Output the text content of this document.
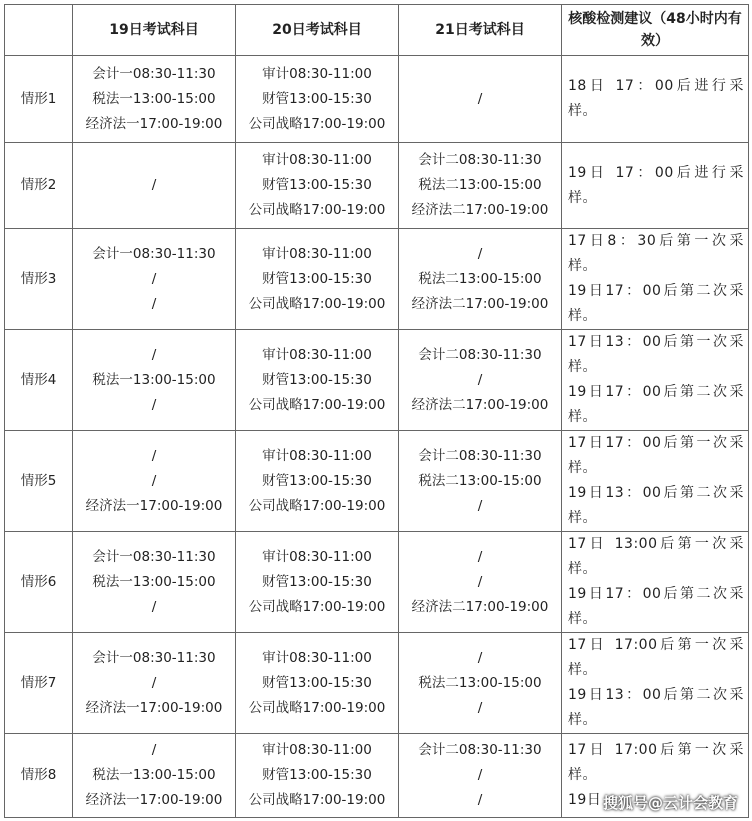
	19日考试科目	20日考试科目	21日考试科目	核酸检测建议（48小时内有效）
情形1	会计一08:30-11:30
税法一13:00-15:00
经济法一17:00-19:00	审计08:30-11:00
财管13:00-15:30
公司战略17:00-19:00	/	18日 17：00后进行采
样。

情形2	/	审计08:30-11:00
财管13:00-15:30
公司战略17:00-19:00	会计二08:30-11:30
税法二13:00-15:00
经济法二17:00-19:00	19日 17：00后进行采
样。

情形3	会计一08:30-11:30
/
/	审计08:30-11:00
财管13:00-15:30
公司战略17:00-19:00	/
税法二13:00-15:00
经济法二17:00-19:00	17日8：30后第一次采
样。
19日17：00后第二次采
样。

情形4	/
税法一13:00-15:00
/	审计08:30-11:00
财管13:00-15:30
公司战略17:00-19:00	会计二08:30-11:30
/
经济法二17:00-19:00	17日13：00后第一次采
样。
19日17：00后第二次采
样。

情形5	/
/
经济法一17:00-19:00	审计08:30-11:00
财管13:00-15:30
公司战略17:00-19:00	会计二08:30-11:30
税法二13:00-15:00
/	17日17：00后第一次采
样。
19日13：00后第二次采
样。

情形6	会计一08:30-11:30
税法一13:00-15:00
/	审计08:30-11:00
财管13:00-15:30
公司战略17:00-19:00	/
/
经济法二17:00-19:00	17日 13:00后第一次采
样。
19日17：00后第二次采
样。

情形7	会计一08:30-11:30
/
经济法一17:00-19:00	审计08:30-11:00
财管13:00-15:30
公司战略17:00-19:00	/
税法二13:00-15:00
/	17日 17:00后第一次采
样。
19日13：00后第二次采
样。

情形8	/
税法一13:00-15:00
经济法一17:00-19:00	审计08:30-11:00
财管13:00-15:30
公司战略17:00-19:00	会计二08:30-11:30
/
/	17日 17:00后第一次采
样。
19日 搜狐号@云计会教育
